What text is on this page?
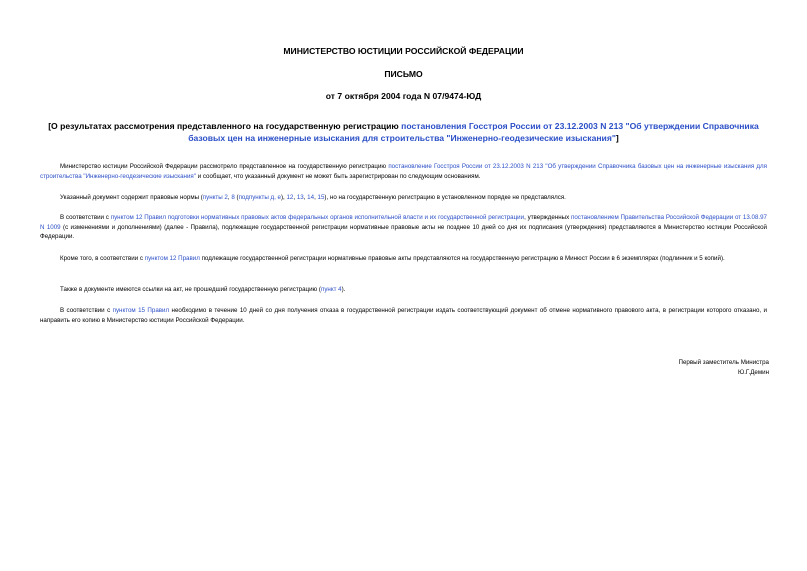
МИНИСТЕРСТВО ЮСТИЦИИ РОССИЙСКОЙ ФЕДЕРАЦИИ
ПИСЬМО
от 7 октября 2004 года N 07/9474-ЮД
[О результатах рассмотрения представленного на государственную регистрацию постановления Госстроя России от 23.12.2003 N 213 "Об утверждении Справочника базовых цен на инженерные изыскания для строительства "Инженерно-геодезические изыскания"]
Министерство юстиции Российской Федерации рассмотрело представленное на государственную регистрацию постановление Госстроя России от 23.12.2003 N 213 "Об утверждении Справочника базовых цен на инженерные изыскания для строительства "Инженерно-геодезические изыскания" и сообщает, что указанный документ не может быть зарегистрирован по следующим основаниям.
Указанный документ содержит правовые нормы (пункты 2, 8 (подпункты д, е), 12, 13, 14, 15), но на государственную регистрацию в установленном порядке не представлялся.
В соответствии с пунктом 12 Правил подготовки нормативных правовых актов федеральных органов исполнительной власти и их государственной регистрации, утвержденных постановлением Правительства Российской Федерации от 13.08.97 N 1009 (с изменениями и дополнениями) (далее - Правила), подлежащие государственной регистрации нормативные правовые акты не позднее 10 дней со дня их подписания (утверждения) представляются в Министерство юстиции Российской Федерации.
Кроме того, в соответствии с пунктом 12 Правил подлежащие государственной регистрации нормативные правовые акты представляются на государственную регистрацию в Минюст России в 6 экземплярах (подлинник и 5 копий).
Также в документе имеются ссылки на акт, не прошедший государственную регистрацию (пункт 4).
В соответствии с пунктом 15 Правил необходимо в течение 10 дней со дня получения отказа в государственной регистрации издать соответствующий документ об отмене нормативного правового акта, в регистрации которого отказано, и направить его копию в Министерство юстиции Российской Федерации.
Первый заместитель Министра
Ю.Г.Демин
